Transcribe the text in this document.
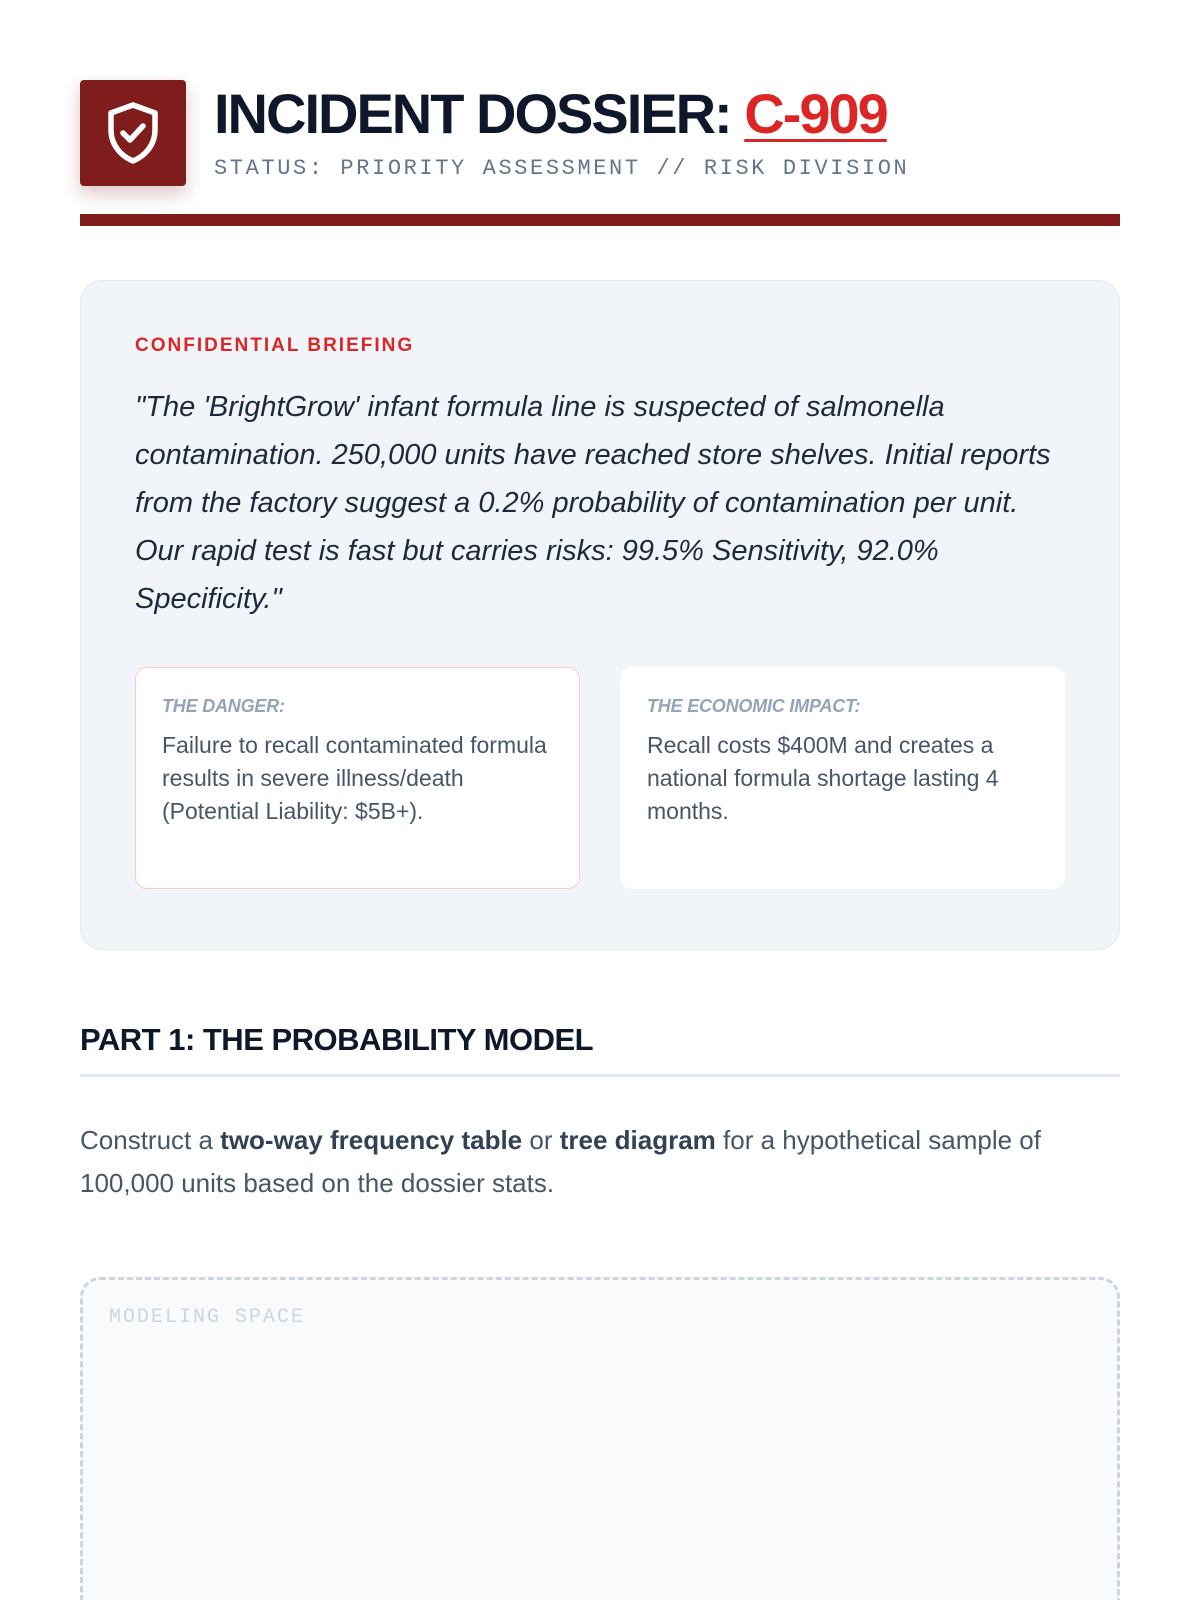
INCIDENT DOSSIER: C-909
STATUS: PRIORITY ASSESSMENT // RISK DIVISION
CONFIDENTIAL BRIEFING
"The 'BrightGrow' infant formula line is suspected of salmonella contamination. 250,000 units have reached store shelves. Initial reports from the factory suggest a 0.2% probability of contamination per unit. Our rapid test is fast but carries risks: 99.5% Sensitivity, 92.0% Specificity."
THE DANGER:
Failure to recall contaminated formula results in severe illness/death (Potential Liability: $5B+).
THE ECONOMIC IMPACT:
Recall costs $400M and creates a national formula shortage lasting 4 months.
PART 1: THE PROBABILITY MODEL
Construct a two-way frequency table or tree diagram for a hypothetical sample of 100,000 units based on the dossier stats.
MODELING SPACE
